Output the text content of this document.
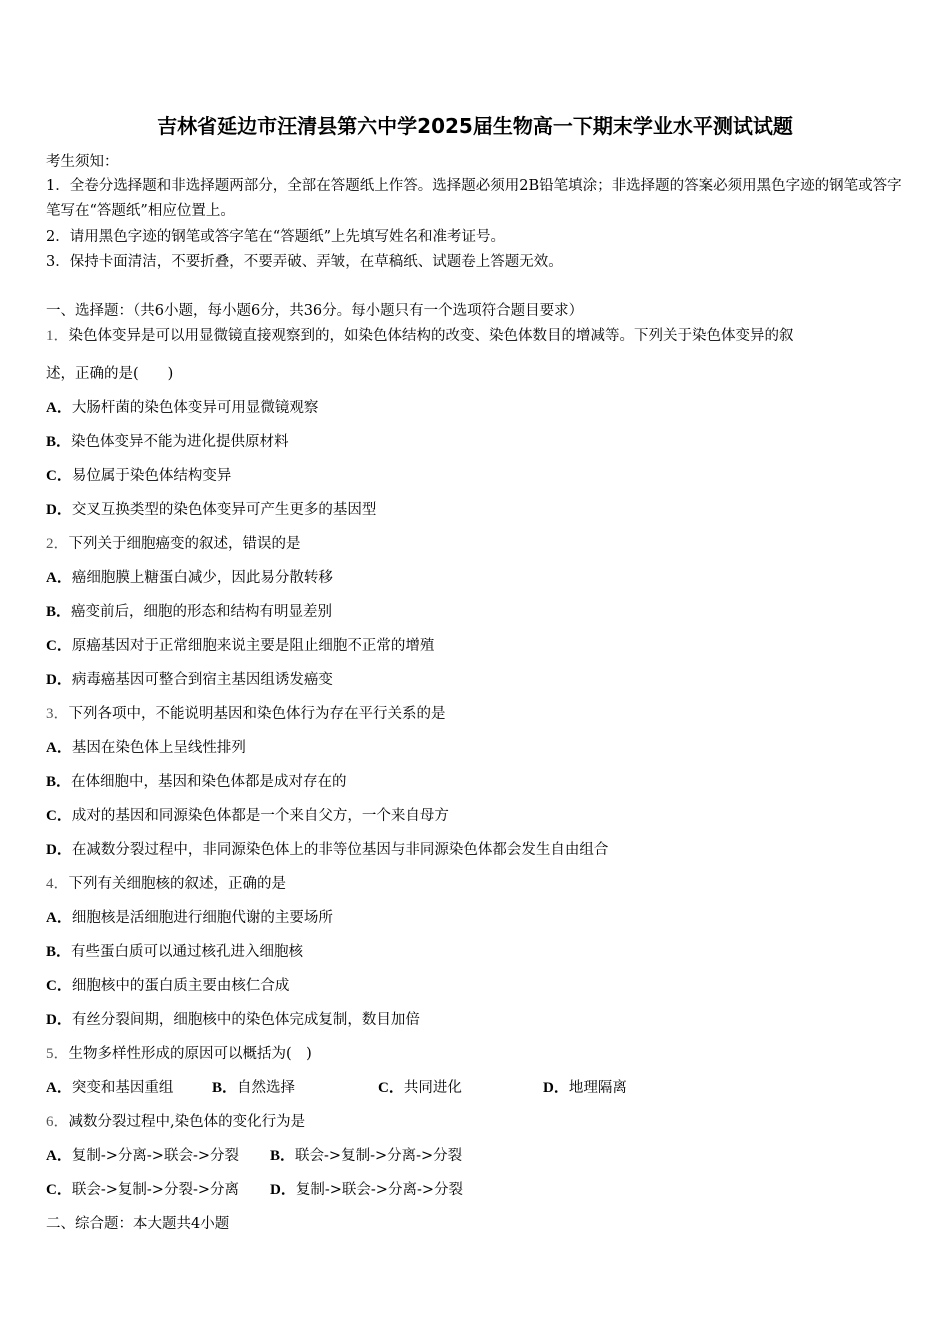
吉林省延边市汪清县第六中学2025届生物高一下期末学业水平测试试题
考生须知：
1．全卷分选择题和非选择题两部分，全部在答题纸上作答。选择题必须用2B铅笔填涂；非选择题的答案必须用黑色字迹的钢笔或答字笔写在“答题纸”相应位置上。
2．请用黑色字迹的钢笔或答字笔在“答题纸”上先填写姓名和准考证号。
3．保持卡面清洁，不要折叠，不要弄破、弄皱，在草稿纸、试题卷上答题无效。
一、选择题：（共6小题，每小题6分，共36分。每小题只有一个选项符合题目要求）
1．染色体变异是可以用显微镜直接观察到的，如染色体结构的改变、染色体数目的增减等。下列关于染色体变异的叙
述，正确的是(　　)
A．大肠杆菌的染色体变异可用显微镜观察
B．染色体变异不能为进化提供原材料
C．易位属于染色体结构变异
D．交叉互换类型的染色体变异可产生更多的基因型
2．下列关于细胞癌变的叙述，错误的是
A．癌细胞膜上糖蛋白减少，因此易分散转移
B．癌变前后，细胞的形态和结构有明显差别
C．原癌基因对于正常细胞来说主要是阻止细胞不正常的增殖
D．病毒癌基因可整合到宿主基因组诱发癌变
3．下列各项中，不能说明基因和染色体行为存在平行关系的是
A．基因在染色体上呈线性排列
B．在体细胞中，基因和染色体都是成对存在的
C．成对的基因和同源染色体都是一个来自父方，一个来自母方
D．在减数分裂过程中，非同源染色体上的非等位基因与非同源染色体都会发生自由组合
4．下列有关细胞核的叙述，正确的是
A．细胞核是活细胞进行细胞代谢的主要场所
B．有些蛋白质可以通过核孔进入细胞核
C．细胞核中的蛋白质主要由核仁合成
D．有丝分裂间期，细胞核中的染色体完成复制，数目加倍
5．生物多样性形成的原因可以概括为(　)
A．突变和基因重组	B．自然选择	C．共同进化	D．地理隔离
6．减数分裂过程中,染色体的变化行为是
A．复制->分离->联会->分裂 B．联会->复制->分离->分裂
C．联会->复制->分裂->分离 D．复制->联会->分离->分裂
二、综合题：本大题共4小题
